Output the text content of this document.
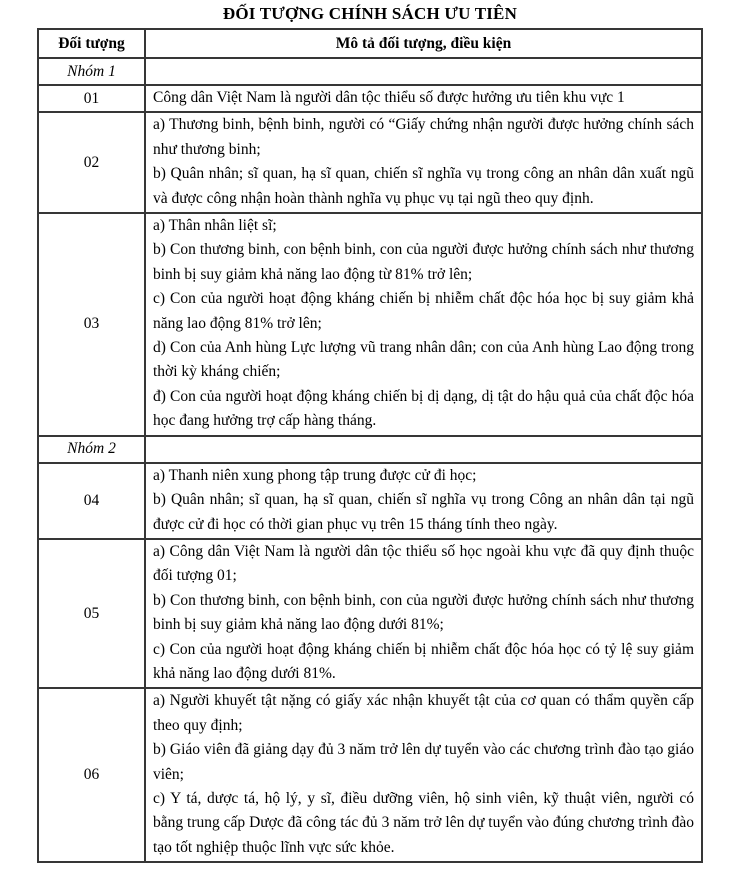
ĐỐI TƯỢNG CHÍNH SÁCH ƯU TIÊN
Đối tượng	Mô tả đối tượng, điều kiện
Nhóm 1	
01	Công dân Việt Nam là người dân tộc thiểu số được hưởng ưu tiên khu vực 1

02	a) Thương binh, bệnh binh, người có “Giấy chứng nhận người được hưởng chính sách như thương binh;
b) Quân nhân; sĩ quan, hạ sĩ quan, chiến sĩ nghĩa vụ trong công an nhân dân xuất ngũ và được công nhận hoàn thành nghĩa vụ phục vụ tại ngũ theo quy định.

03	a) Thân nhân liệt sĩ;
b) Con thương binh, con bệnh binh, con của người được hưởng chính sách như thương binh bị suy giảm khả năng lao động từ 81% trở lên;
c) Con của người hoạt động kháng chiến bị nhiễm chất độc hóa học bị suy giảm khả năng lao động 81% trở lên;
d) Con của Anh hùng Lực lượng vũ trang nhân dân; con của Anh hùng Lao động trong thời kỳ kháng chiến;
đ) Con của người hoạt động kháng chiến bị dị dạng, dị tật do hậu quả của chất độc hóa học đang hưởng trợ cấp hàng tháng.

Nhóm 2	
04	a) Thanh niên xung phong tập trung được cử đi học;
b) Quân nhân; sĩ quan, hạ sĩ quan, chiến sĩ nghĩa vụ trong Công an nhân dân tại ngũ được cử đi học có thời gian phục vụ trên 15 tháng tính theo ngày.

05	a) Công dân Việt Nam là người dân tộc thiểu số học ngoài khu vực đã quy định thuộc đối tượng 01;
b) Con thương binh, con bệnh binh, con của người được hưởng chính sách như thương binh bị suy giảm khả năng lao động dưới 81%;
c) Con của người hoạt động kháng chiến bị nhiễm chất độc hóa học có tỷ lệ suy giảm khả năng lao động dưới 81%.

06	a) Người khuyết tật nặng có giấy xác nhận khuyết tật của cơ quan có thẩm quyền cấp theo quy định;
b) Giáo viên đã giảng dạy đủ 3 năm trở lên dự tuyển vào các chương trình đào tạo giáo viên;
c) Y tá, dược tá, hộ lý, y sĩ, điều dưỡng viên, hộ sinh viên, kỹ thuật viên, người có bằng trung cấp Dược đã công tác đủ 3 năm trở lên dự tuyển vào đúng chương trình đào tạo tốt nghiệp thuộc lĩnh vực sức khỏe.
